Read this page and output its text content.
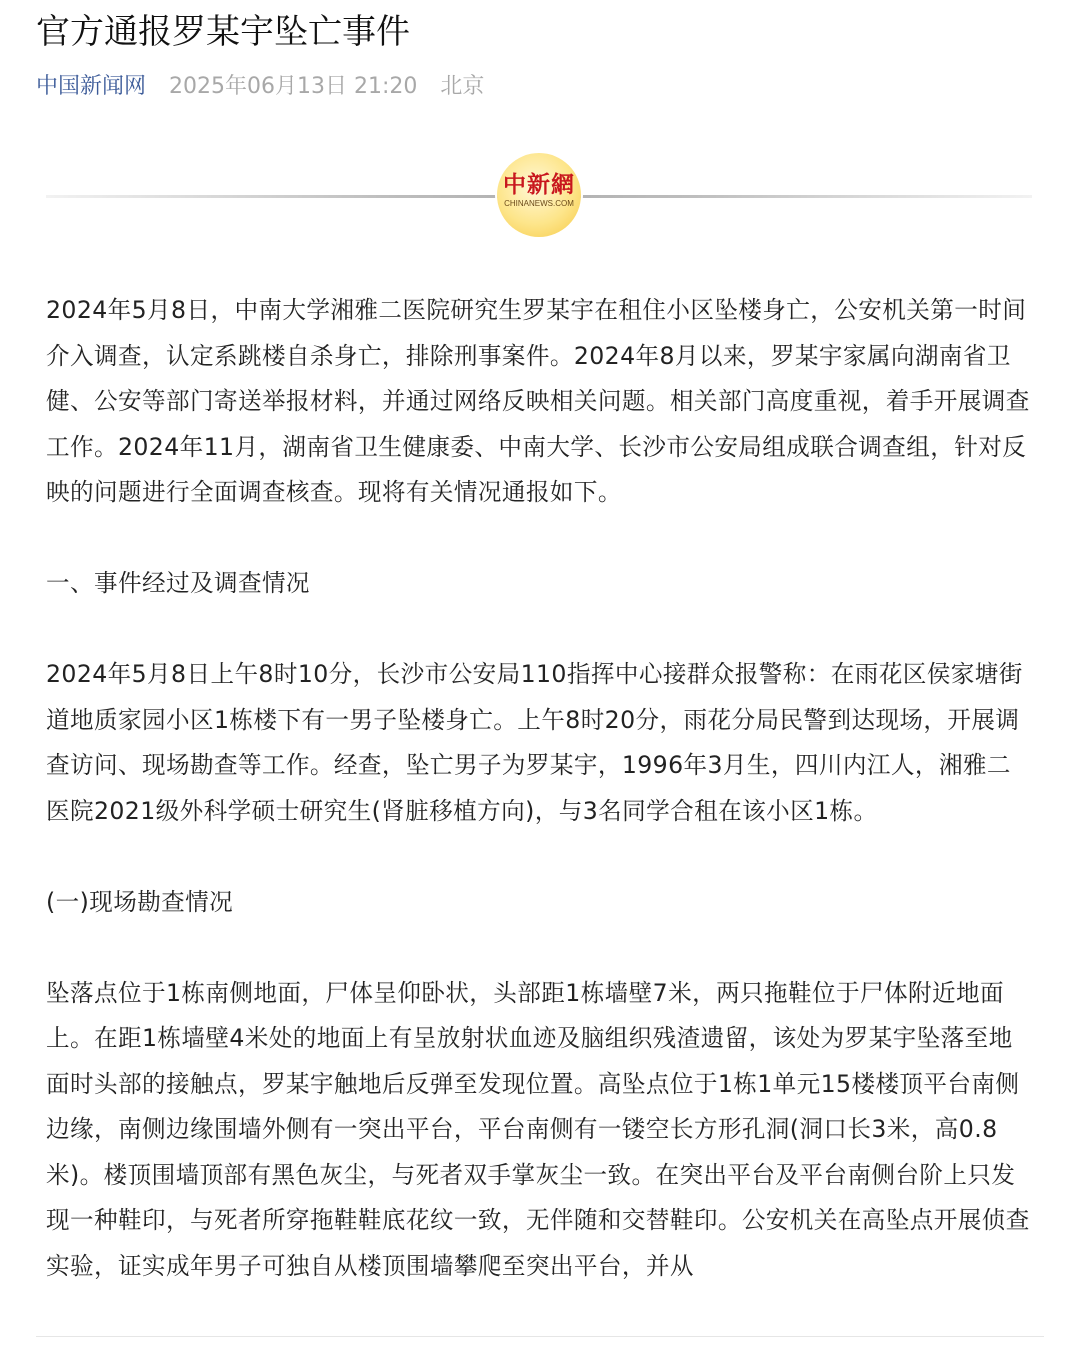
官方通报罗某宇坠亡事件
中国新闻网 2025年06月13日 21:20 北京
中新網
CHINANEWS.COM

2024年5月8日，中南大学湘雅二医院研究生罗某宇在租住小区坠楼身亡，公安机关第一时间介入调查，认定系跳楼自杀身亡，排除刑事案件。2024年8月以来，罗某宇家属向湖南省卫健、公安等部门寄送举报材料，并通过网络反映相关问题。相关部门高度重视，着手开展调查工作。2024年11月，湖南省卫生健康委、中南大学、长沙市公安局组成联合调查组，针对反映的问题进行全面调查核查。现将有关情况通报如下。

一、事件经过及调查情况

2024年5月8日上午8时10分，长沙市公安局110指挥中心接群众报警称：在雨花区侯家塘街道地质家园小区1栋楼下有一男子坠楼身亡。上午8时20分，雨花分局民警到达现场，开展调查访问、现场勘查等工作。经查，坠亡男子为罗某宇，1996年3月生，四川内江人，湘雅二医院2021级外科学硕士研究生(肾脏移植方向)，与3名同学合租在该小区1栋。

(一)现场勘查情况

坠落点位于1栋南侧地面，尸体呈仰卧状，头部距1栋墙壁7米，两只拖鞋位于尸体附近地面上。在距1栋墙壁4米处的地面上有呈放射状血迹及脑组织残渣遗留，该处为罗某宇坠落至地面时头部的接触点，罗某宇触地后反弹至发现位置。高坠点位于1栋1单元15楼楼顶平台南侧边缘，南侧边缘围墙外侧有一突出平台，平台南侧有一镂空长方形孔洞(洞口长3米，高0.8米)。楼顶围墙顶部有黑色灰尘，与死者双手掌灰尘一致。在突出平台及平台南侧台阶上只发现一种鞋印，与死者所穿拖鞋鞋底花纹一致，无伴随和交替鞋印。公安机关在高坠点开展侦查实验，证实成年男子可独自从楼顶围墙攀爬至突出平台，并从
